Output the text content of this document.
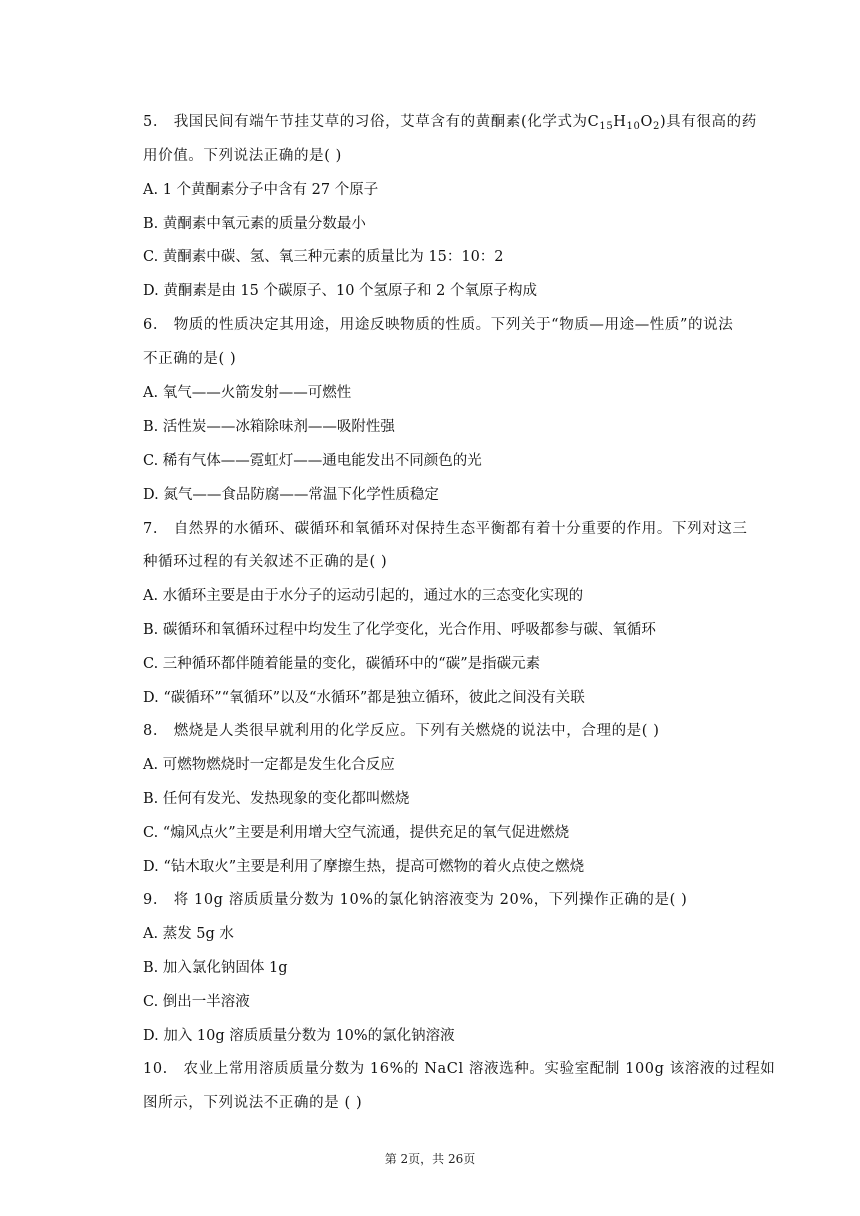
5. 我国民间有端午节挂艾草的习俗，艾草含有的黄酮素(化学式为$C_{15}H_{10}O_2$)具有很高的药
用价值。下列说法正确的是( )
A. 1 个黄酮素分子中含有 27 个原子
B. 黄酮素中氧元素的质量分数最小
C. 黄酮素中碳、氢、氧三种元素的质量比为 15：10：2
D. 黄酮素是由 15 个碳原子、10 个氢原子和 2 个氧原子构成
6. 物质的性质决定其用途，用途反映物质的性质。下列关于“物质—用途—性质”的说法
不正确的是( )
A. 氧气——火箭发射——可燃性
B. 活性炭——冰箱除味剂——吸附性强
C. 稀有气体——霓虹灯——通电能发出不同颜色的光
D. 氮气——食品防腐——常温下化学性质稳定
7. 自然界的水循环、碳循环和氧循环对保持生态平衡都有着十分重要的作用。下列对这三
种循环过程的有关叙述不正确的是( )
A. 水循环主要是由于水分子的运动引起的，通过水的三态变化实现的
B. 碳循环和氧循环过程中均发生了化学变化，光合作用、呼吸都参与碳、氧循环
C. 三种循环都伴随着能量的变化，碳循环中的“碳”是指碳元素
D. “碳循环”“氧循环”以及“水循环”都是独立循环，彼此之间没有关联
8. 燃烧是人类很早就利用的化学反应。下列有关燃烧的说法中，合理的是( )
A. 可燃物燃烧时一定都是发生化合反应
B. 任何有发光、发热现象的变化都叫燃烧
C. “煽风点火”主要是利用增大空气流通，提供充足的氧气促进燃烧
D. “钻木取火”主要是利用了摩擦生热，提高可燃物的着火点使之燃烧
9. 将 10g 溶质质量分数为 10%的氯化钠溶液变为 20%，下列操作正确的是( )
A. 蒸发 5g 水
B. 加入氯化钠固体 1g
C. 倒出一半溶液
D. 加入 10g 溶质质量分数为 10%的氯化钠溶液
10. 农业上常用溶质质量分数为 16%的 NaCl 溶液选种。实验室配制 100g 该溶液的过程如
图所示，下列说法不正确的是 ( )
第 2页，共 26页
